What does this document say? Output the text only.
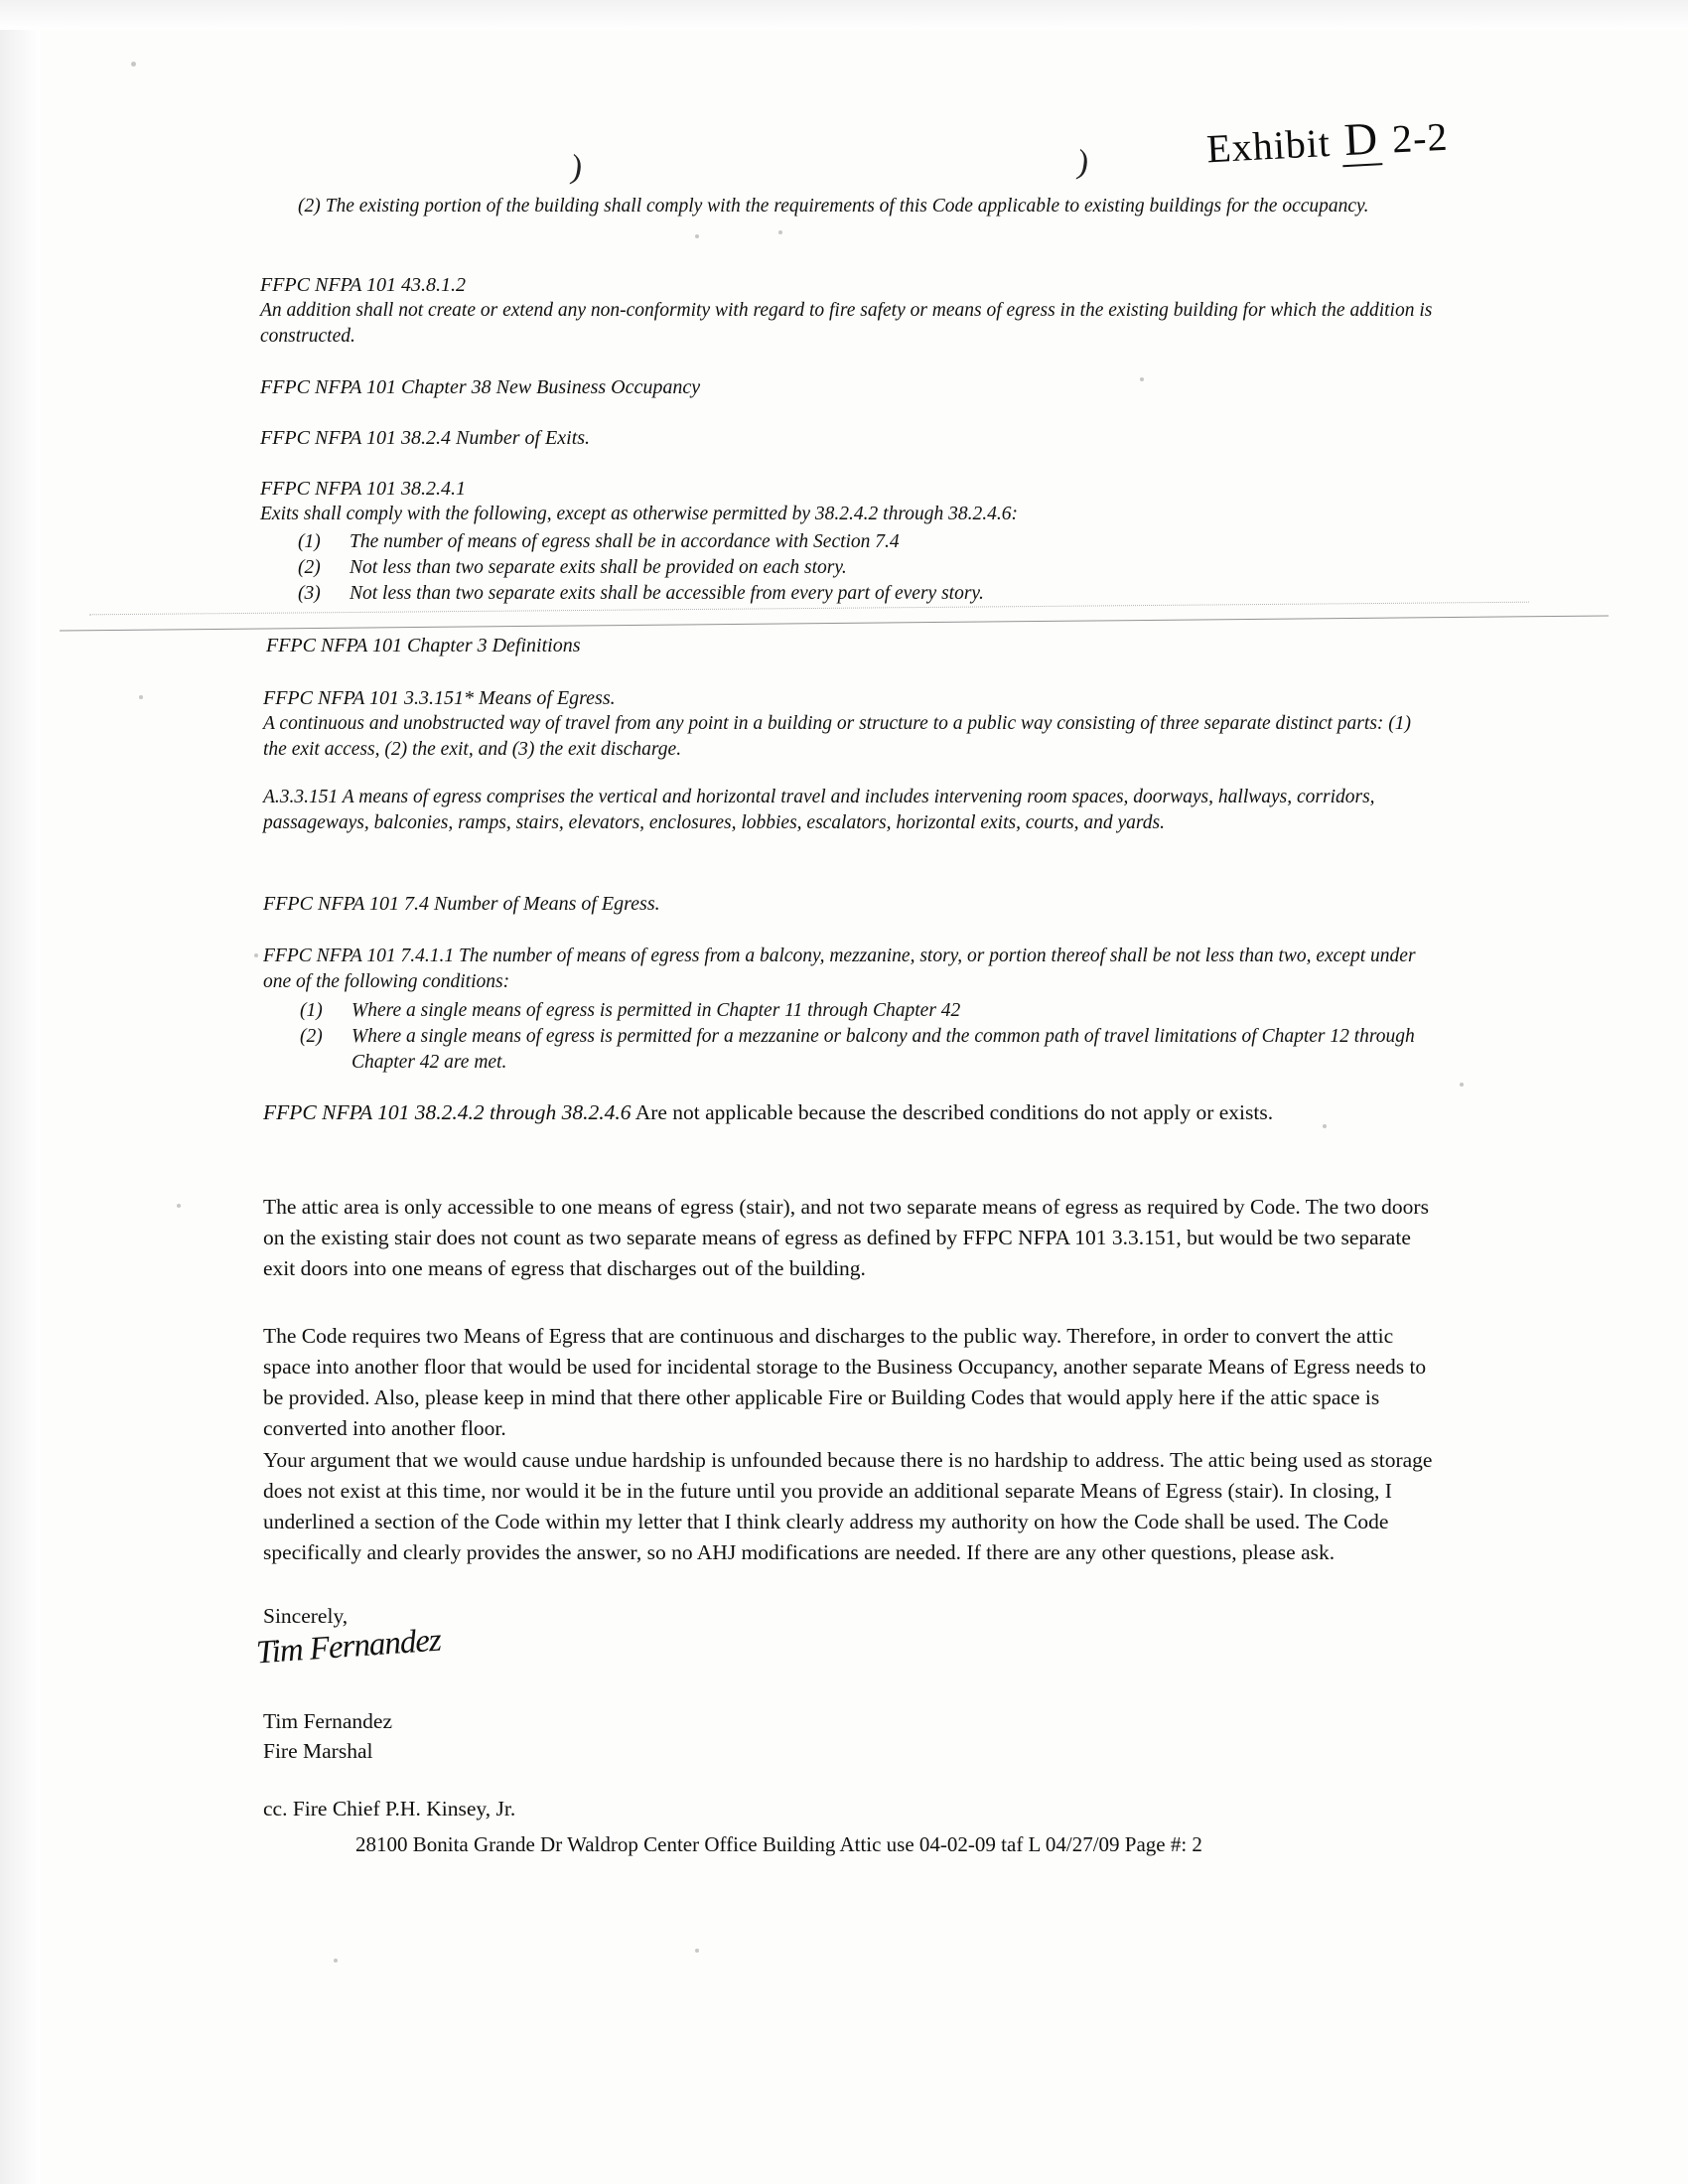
)	)	Exhibit D 2-2
(2) The existing portion of the building shall comply with the requirements of this Code applicable to existing buildings for the occupancy.
FFPC NFPA 101 43.8.1.2
An addition shall not create or extend any non-conformity with regard to fire safety or means of egress in the existing building for which the addition is constructed.
FFPC NFPA 101 Chapter 38 New Business Occupancy
FFPC NFPA 101 38.2.4 Number of Exits.
FFPC NFPA 101 38.2.4.1
Exits shall comply with the following, except as otherwise permitted by 38.2.4.2 through 38.2.4.6:
(1) The number of means of egress shall be in accordance with Section 7.4
(2) Not less than two separate exits shall be provided on each story.
(3) Not less than two separate exits shall be accessible from every part of every story.
FFPC NFPA 101 Chapter 3 Definitions
FFPC NFPA 101 3.3.151* Means of Egress.
A continuous and unobstructed way of travel from any point in a building or structure to a public way consisting of three separate distinct parts: (1) the exit access, (2) the exit, and (3) the exit discharge.
A.3.3.151 A means of egress comprises the vertical and horizontal travel and includes intervening room spaces, doorways, hallways, corridors, passageways, balconies, ramps, stairs, elevators, enclosures, lobbies, escalators, horizontal exits, courts, and yards.
FFPC NFPA 101 7.4 Number of Means of Egress.
FFPC NFPA 101 7.4.1.1 The number of means of egress from a balcony, mezzanine, story, or portion thereof shall be not less than two, except under one of the following conditions:
(1) Where a single means of egress is permitted in Chapter 11 through Chapter 42
(2) Where a single means of egress is permitted for a mezzanine or balcony and the common path of travel limitations of Chapter 12 through Chapter 42 are met.
FFPC NFPA 101 38.2.4.2 through 38.2.4.6 Are not applicable because the described conditions do not apply or exists.
The attic area is only accessible to one means of egress (stair), and not two separate means of egress as required by Code. The two doors on the existing stair does not count as two separate means of egress as defined by FFPC NFPA 101 3.3.151, but would be two separate exit doors into one means of egress that discharges out of the building.
The Code requires two Means of Egress that are continuous and discharges to the public way. Therefore, in order to convert the attic space into another floor that would be used for incidental storage to the Business Occupancy, another separate Means of Egress needs to be provided. Also, please keep in mind that there other applicable Fire or Building Codes that would apply here if the attic space is converted into another floor.
Your argument that we would cause undue hardship is unfounded because there is no hardship to address. The attic being used as storage does not exist at this time, nor would it be in the future until you provide an additional separate Means of Egress (stair). In closing, I underlined a section of the Code within my letter that I think clearly address my authority on how the Code shall be used. The Code specifically and clearly provides the answer, so no AHJ modifications are needed. If there are any other questions, please ask.
Sincerely,
Tim Fernandez
Tim Fernandez
Fire Marshal
cc. Fire Chief P.H. Kinsey, Jr.
28100 Bonita Grande Dr Waldrop Center Office Building Attic use 04-02-09 taf L 04/27/09 Page #: 2
